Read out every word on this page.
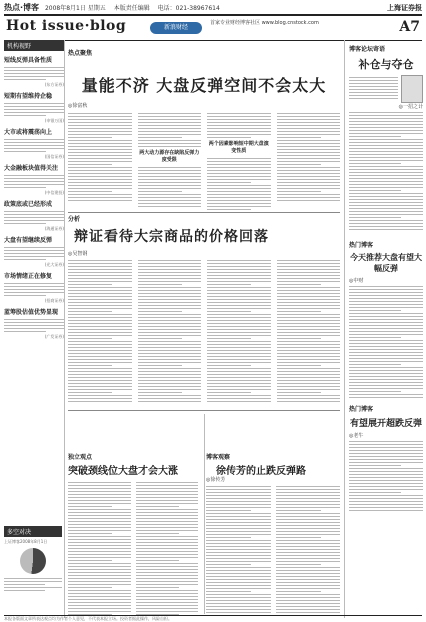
热点·博客 2008年8月1日 星期五 本版责任编辑 电话：021-38967614	上海证券报
Hot issue·blog	新浪财经
首家专业财经博客社区 www.blog.cnstock.com	A7
机构视野
短线反弹具备性质
(东方证券)
短期有望维持企稳
(申银万国)
大市或将震荡向上
(国信证券)
大金融板块值得关注
(中信建投)
政策底或已经形成
(海通证券)
大盘有望继续反弹
(光大证券)
市场情绪正在修复
(招商证券)
蓝筹股估值优势显现
(广发证券)
多空对决
上证博客2008年8月1日
热点聚焦
量能不济 大盘反弹空间不会太大
◎徐富秋
两大动力源存在缺陷反弹力度受限
两个因素影响短中期大盘演变性质
分析
辩证看待大宗商品的价格回落
◎吴智钢
独立观点
突破颈线位大盘才会大涨
博客观察
徐传芳的止跌反弹路
◎徐传芳
博客论坛寄语
补仓与夺仓
◎一招之计
热门博客
今天推荐大盘有望大幅反弹
◎中财
热门博客
有望展开超跌反弹
◎老牛
本报各版面文章所表达观点均为作者个人意见，不代表本报立场。投资者据此操作，风险自担。
